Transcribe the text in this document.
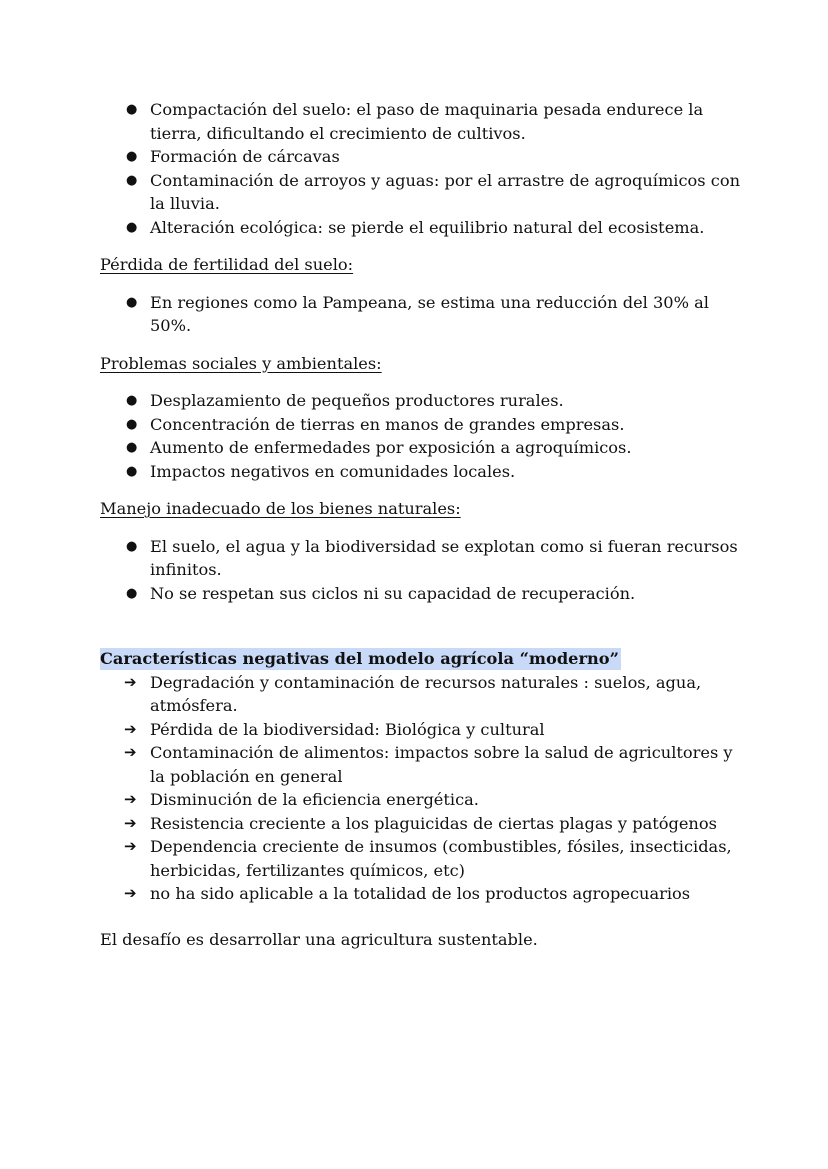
● Compactación del suelo: el paso de maquinaria pesada endurece la tierra, dificultando el crecimiento de cultivos.
● Formación de cárcavas
● Contaminación de arroyos y aguas: por el arrastre de agroquímicos con la lluvia.
● Alteración ecológica: se pierde el equilibrio natural del ecosistema.
Pérdida de fertilidad del suelo:
● En regiones como la Pampeana, se estima una reducción del 30% al 50%.
Problemas sociales y ambientales:
● Desplazamiento de pequeños productores rurales.
● Concentración de tierras en manos de grandes empresas.
● Aumento de enfermedades por exposición a agroquímicos.
● Impactos negativos en comunidades locales.
Manejo inadecuado de los bienes naturales:
● El suelo, el agua y la biodiversidad se explotan como si fueran recursos infinitos.
● No se respetan sus ciclos ni su capacidad de recuperación.
Características negativas del modelo agrícola “moderno”
➔ Degradación y contaminación de recursos naturales : suelos, agua, atmósfera.
➔ Pérdida de la biodiversidad: Biológica y cultural
➔ Contaminación de alimentos: impactos sobre la salud de agricultores y la población en general
➔ Disminución de la eficiencia energética.
➔ Resistencia creciente a los plaguicidas de ciertas plagas y patógenos
➔ Dependencia creciente de insumos (combustibles, fósiles, insecticidas, herbicidas, fertilizantes químicos, etc)
➔ no ha sido aplicable a la totalidad de los productos agropecuarios
El desafío es desarrollar una agricultura sustentable.
